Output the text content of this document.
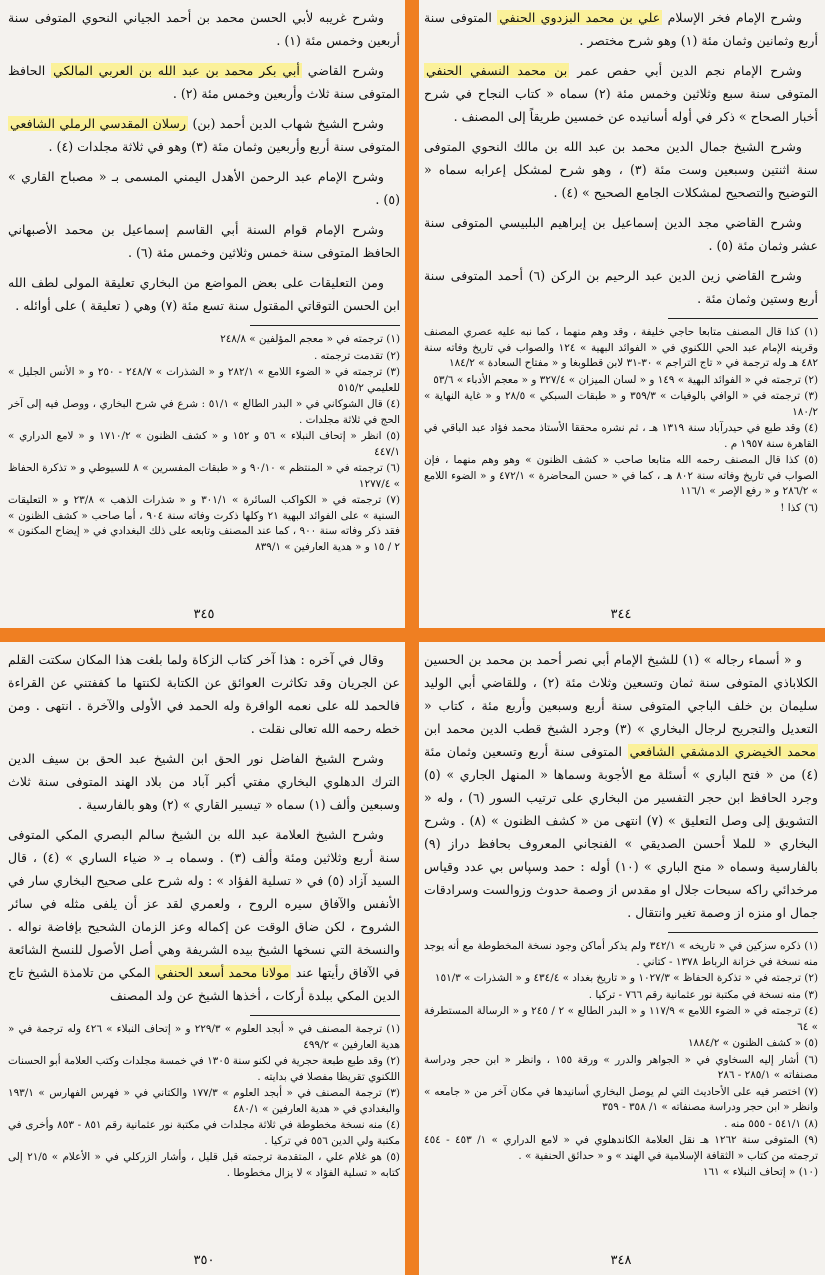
وشرح الإمام فخر الإسلام علي بن محمد البزدوي الحنفي المتوفى سنة أربع وثمانين وثمان مئة (١) وهو شرح مختصر .

وشرح الإمام نجم الدين أبي حفص عمر بن محمد النسفي الحنفي المتوفى سنة سبع وثلاثين وخمس مئة (٢) سماه « كتاب النجاح في شرح أخبار الصحاح » ذكر في أوله أسانيده عن خمسين طريقاً إلى المصنف .

وشرح الشيخ جمال الدين محمد بن عبد الله بن مالك النحوي المتوفى سنة اثنتين وسبعين وست مئة (٣) ، وهو شرح لمشكل إعرابه سماه « التوضيح والتصحيح لمشكلات الجامع الصحيح » (٤) .

وشرح القاضي مجد الدين إسماعيل بن إبراهيم البلبيسي المتوفى سنة عشر وثمان مئة (٥) .

وشرح القاضي زين الدين عبد الرحيم بن الركن (٦) أحمد المتوفى سنة أربع وستين وثمان مئة .

(١) كذا قال المصنف متابعا حاجي خليفة ، وقد وهم منهما ، كما نبه عليه عصري المصنف وقرينه الإمام عبد الحي اللكنوي في « الفوائد البهية » ١٢٤ والصواب في تاريخ وفاته سنة ٤٨٢ هـ وله ترجمة في « تاج التراجم » ٣٠-٣١ لابن قطلوبغا و « مفتاح السعادة » ١٨٤/٢

(٢) ترجمته في « الفوائد البهية » ١٤٩ و « لسان الميزان » ٣٢٧/٤ و « معجم الأدباء » ٥٣/٦

(٣) ترجمته في « الوافي بالوفيات » ٣٥٩/٣ و « طبقات السبكي » ٢٨/٥ و « غاية النهاية » ١٨٠/٢

(٤) وقد طبع في حيدرآباد سنة ١٣١٩ هـ ، ثم نشره محققا الأستاذ محمد فؤاد عبد الباقي في القاهرة سنة ١٩٥٧ م .

(٥) كذا قال المصنف رحمه الله متابعا صاحب « كشف الظنون » وهو وهم منهما ، فإن الصواب في تاريخ وفاته سنة ٨٠٢ هـ ، كما في « حسن المحاضرة » ٤٧٢/١ و « الضوء اللامع » ٢٨٦/٢ و « رفع الإصر » ١١٦/١

(٦) كذا !

٣٤٤

وشرح غريبه لأبي الحسن محمد بن أحمد الجياني النحوي المتوفى سنة أربعين وخمس مئة (١) .

وشرح القاضي أبي بكر محمد بن عبد الله بن العربي المالكي الحافظ المتوفى سنة ثلاث وأربعين وخمس مئة (٢) .

وشرح الشيخ شهاب الدين أحمد (بن) رسلان المقدسي الرملي الشافعي المتوفى سنة أربع وأربعين وثمان مئة (٣) وهو في ثلاثة مجلدات (٤) .

وشرح الإمام عبد الرحمن الأهدل اليمني المسمى بـ « مصباح القاري » (٥) .

وشرح الإمام قوام السنة أبي القاسم إسماعيل بن محمد الأصبهاني الحافظ المتوفى سنة خمس وثلاثين وخمس مئة (٦) .

ومن التعليقات على بعض المواضع من البخاري تعليقة المولى لطف الله ابن الحسن التوقاتي المقتول سنة تسع مئة (٧) وهي ( تعليقة ) على أوائله .

(١) ترجمته في « معجم المؤلفين » ٢٤٨/٨

(٢) تقدمت ترجمته .

(٣) ترجمته في « الضوء اللامع » ٢٨٢/١ و « الشذرات » ٢٤٨/٧ - ٢٥٠ و « الأنس الجليل » للعليمي ٥١٥/٢

(٤) قال الشوكاني في « البدر الطالع » ٥١/١ : شرع في شرح البخاري ، ووصل فيه إلى آخر الحج في ثلاثة مجلدات .

(٥) انظر « إتحاف النبلاء » ٥٦ و ١٥٢ و « كشف الظنون » ١٧١٠/٢ و « لامع الدراري » ٤٤٧/١

(٦) ترجمته في « المنتظم » ٩٠/١٠ و « طبقات المفسرين » ٨ للسيوطي و « تذكرة الحفاظ » ١٢٧٧/٤

(٧) ترجمته في « الكواكب السائرة » ٣٠١/١ و « شذرات الذهب » ٢٣/٨ و « التعليقات السنية » على الفوائد البهية ٢١ وكلها ذكرت وفاته سنة ٩٠٤ ، أما صاحب « كشف الظنون » فقد ذكر وفاته سنة ٩٠٠ ، كما عند المصنف وتابعه على ذلك البغدادي في « إيضاح المكنون » ٢ / ١٥ و « هدية العارفين » ٨٣٩/١

٣٤٥

و « أسماء رجاله » (١) للشيخ الإمام أبي نصر أحمد بن محمد بن الحسين الكلاباذي المتوفى سنة ثمان وتسعين وثلاث مئة (٢) ، وللقاضي أبي الوليد سليمان بن خلف الباجي المتوفى سنة أربع وسبعين وأربع مئة ، كتاب « التعديل والتجريح لرجال البخاري » (٣) وجرد الشيخ قطب الدين محمد ابن محمد الخيضري الدمشقي الشافعي المتوفى سنة أربع وتسعين وثمان مئة (٤) من « فتح الباري » أسئلة مع الأجوبة وسماها « المنهل الجاري » (٥) وجرد الحافظ ابن حجر التفسير من البخاري على ترتيب السور (٦) ، وله « التشويق إلى وصل التعليق » (٧) انتهى من « كشف الظنون » (٨) . وشرح البخاري « للملا أحسن الصديقي » الفنجاني المعروف بحافظ دراز (٩) بالفارسية وسماه « منح الباري » (١٠) أوله : حمد وسپاس بي عدد وقياس مرخدائي راكه سبحات جلال او مقدس از وصمة حدوث وزوالست وسرادقات جمال او منزه از وصمة تغير وانتقال .

(١) ذكره سزكين في « تاريخه » ٣٤٢/١ ولم يذكر أماكن وجود نسخة المخطوطة مع أنه يوجد منه نسخة في خزانة الرباط ١٣٧٨ - كتاني .

(٢) ترجمته في « تذكرة الحفاظ » ١٠٢٧/٣ و « تاريخ بغداد » ٤٣٤/٤ و « الشذرات » ١٥١/٣

(٣) منه نسخة في مكتبة نور عثمانية رقم ٧٦٦ - تركيا .

(٤) ترجمته في « الضوء اللامع » ١١٧/٩ و « البدر الطالع » ٢ / ٢٤٥ و « الرسالة المستطرفة » ٦٤

(٥) « كشف الظنون » ١٨٨٤/٢

(٦) أشار إليه السخاوي في « الجواهر والدرر » ورقة ١٥٥ ، وانظر « ابن حجر ودراسة مصنفاته » ٢٨٥/١ - ٢٨٦

(٧) اختصر فيه على الأحاديث التي لم يوصل البخاري أسانيدها في مكان آخر من « جامعه » وانظر « ابن حجر ودراسة مصنفاته » ١/ ٣٥٨ - ٣٥٩

(٨) ٥٤١/١ - ٥٥٥ منه .

(٩) المتوفى سنة ١٢٦٢ هـ نقل العلامة الكاندهلوي في « لامع الدراري » ١/ ٤٥٣ - ٤٥٤ ترجمته من كتاب « الثقافة الإسلامية في الهند » و « حدائق الحنفية » .

(١٠) « إتحاف النبلاء » ١٦١

٣٤٨

وقال في آخره : هذا آخر كتاب الزكاة ولما بلغت هذا المكان سكتت القلم عن الجريان وقد تكاثرت العوائق عن الكتابة لكنتها ما كففتني عن القراءة فالحمد لله على نعمه الوافرة وله الحمد في الأولى والآخرة . انتهى . ومن خطه رحمه الله تعالى نقلت .

وشرح الشيخ الفاضل نور الحق ابن الشيخ عبد الحق بن سيف الدين الترك الدهلوي البخاري مفتي أكبر آباد من بلاد الهند المتوفى سنة ثلاث وسبعين وألف (١) سماه « تيسير القاري » (٢) وهو بالفارسية .

وشرح الشيخ العلامة عبد الله بن الشيخ سالم البصري المكي المتوفى سنة أربع وثلاثين ومئة وألف (٣) . وسماه بـ « ضياء الساري » (٤) ، قال السيد آزاد (٥) في « تسلية الفؤاد » : وله شرح على صحيح البخاري سار في الأنفس والآفاق سيره الروح ، ولعمري لقد عز أن يلفى مثله في سائر الشروح ، لكن ضاق الوقت عن إكماله وعز الزمان الشحيح بإفاضة نواله . والنسخة التي نسخها الشيخ بيده الشريفة وهي أصل الأصول للنسخ الشائعة في الآفاق رأيتها عند مولانا محمد أسعد الحنفي المكي من تلامذة الشيخ تاج الدين المكي ببلدة أركات ، أخذها الشيخ عن ولد المصنف

(١) ترجمة المصنف في « أبجد العلوم » ٢٢٩/٣ و « إتحاف النبلاء » ٤٢٦ وله ترجمة في « هدية العارفين » ٤٩٩/٢

(٢) وقد طبع طبعة حجرية في لكنو سنة ١٣٠٥ في خمسة مجلدات وكتب العلامة أبو الحسنات اللكنوي تقريظا مفصلا في بدايته .

(٣) ترجمة المصنف في « أبجد العلوم » ١٧٧/٣ والكتاني في « فهرس الفهارس » ١٩٣/١ والبغدادي في « هدية العارفين » ٤٨٠/١

(٤) منه نسخة مخطوطة في ثلاثة مجلدات في مكتبة نور عثمانية رقم ٨٥١ - ٨٥٣ وأخرى في مكتبة ولي الدين ٥٥٦ في تركيا .

(٥) هو غلام علي ، المتقدمة ترجمته قبل قليل ، وأشار الزركلي في « الأعلام » ٢١/٥ إلى كتابه « تسلية الفؤاد » لا يزال مخطوطا .

٣٥٠
